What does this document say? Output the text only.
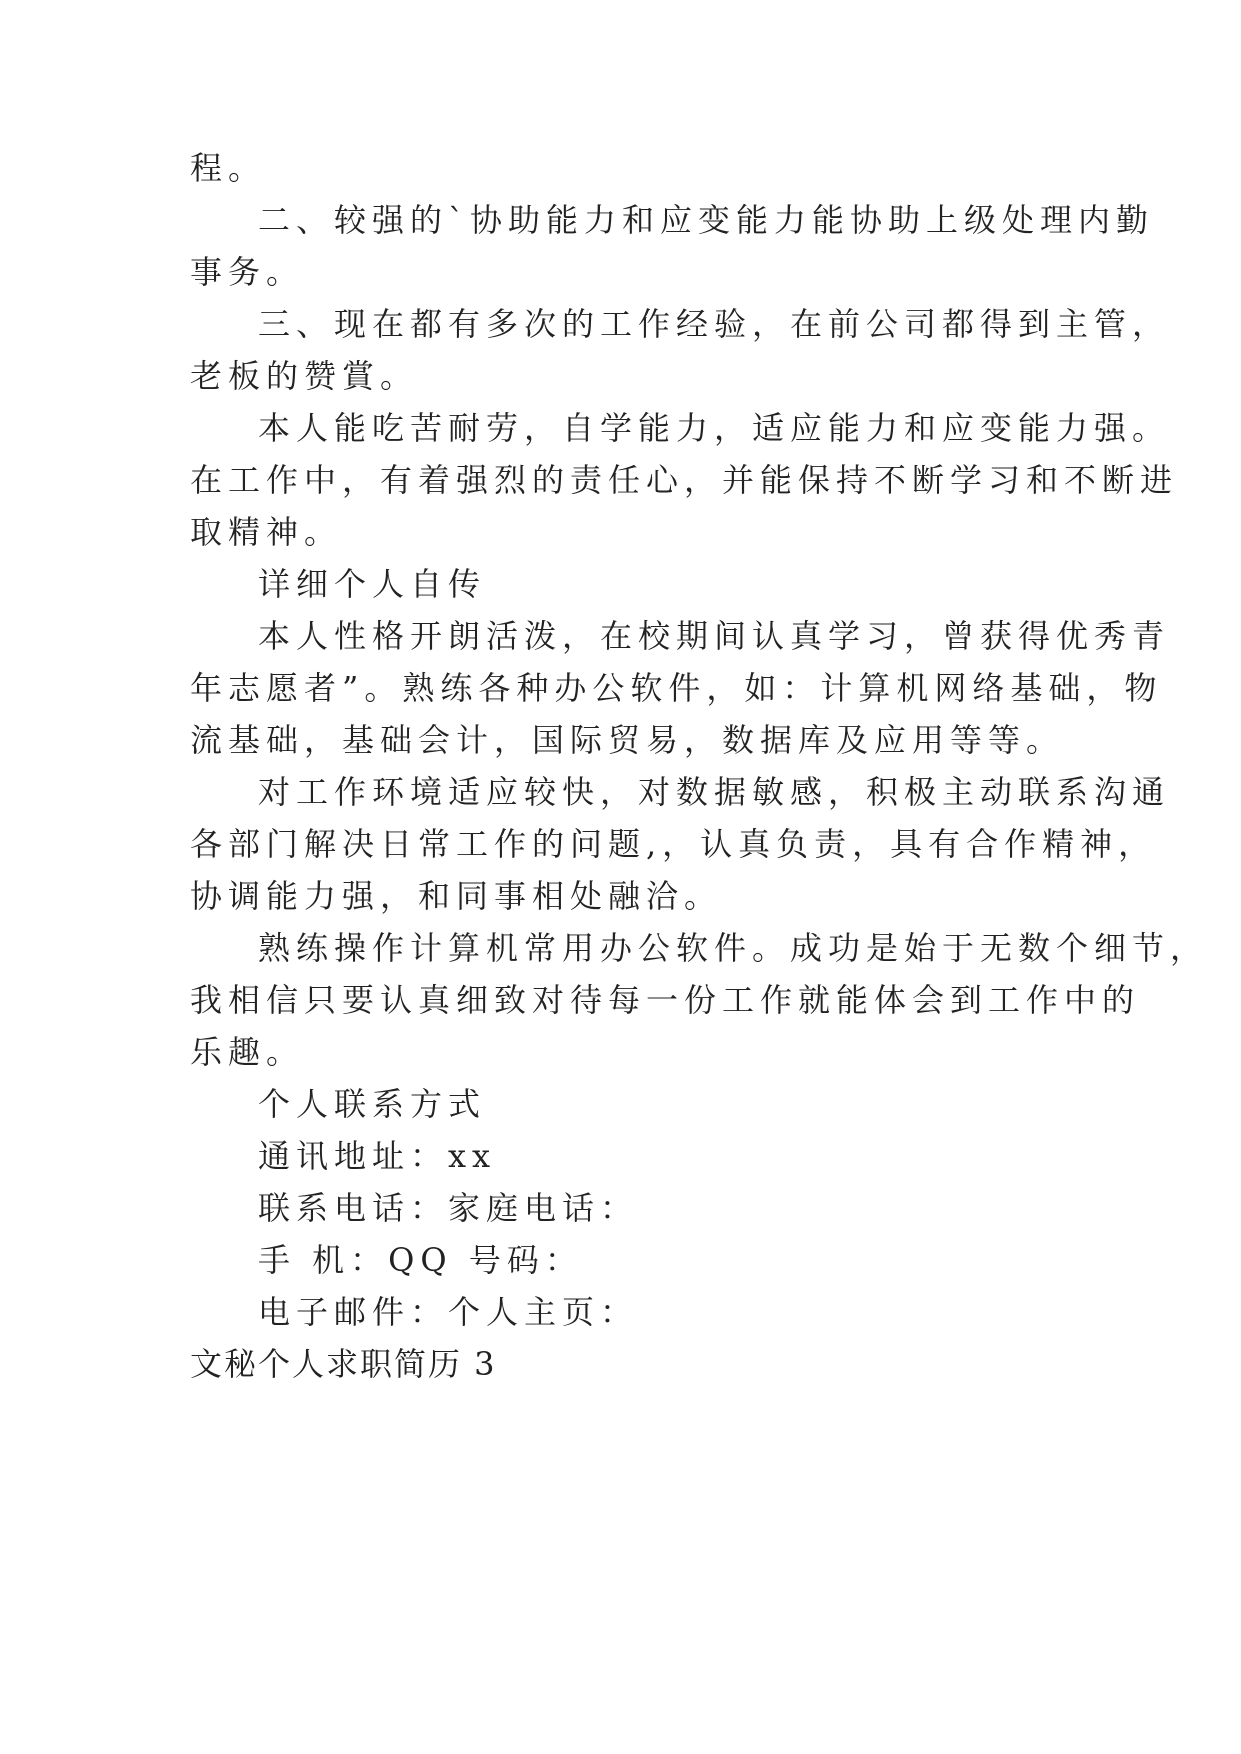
程。
二、较强的`协助能力和应变能力能协助上级处理内勤
事务。
三、现在都有多次的工作经验，在前公司都得到主管，
老板的赞賞。
本人能吃苦耐劳，自学能力，适应能力和应变能力强。
在工作中，有着强烈的责任心，并能保持不断学习和不断进
取精神。
详细个人自传
本人性格开朗活泼，在校期间认真学习，曾获得优秀青
年志愿者”。熟练各种办公软件，如：计算机网络基础，物
流基础，基础会计，国际贸易，数据库及应用等等。
对工作环境适应较快，对数据敏感，积极主动联系沟通
各部门解决日常工作的问题,，认真负责，具有合作精神，
协调能力强，和同事相处融洽。
熟练操作计算机常用办公软件。成功是始于无数个细节，
我相信只要认真细致对待每一份工作就能体会到工作中的
乐趣。
个人联系方式
通讯地址：xx
联系电话：家庭电话：
手 机：QQ 号码：
电子邮件：个人主页：
文秘个人求职简历 3
